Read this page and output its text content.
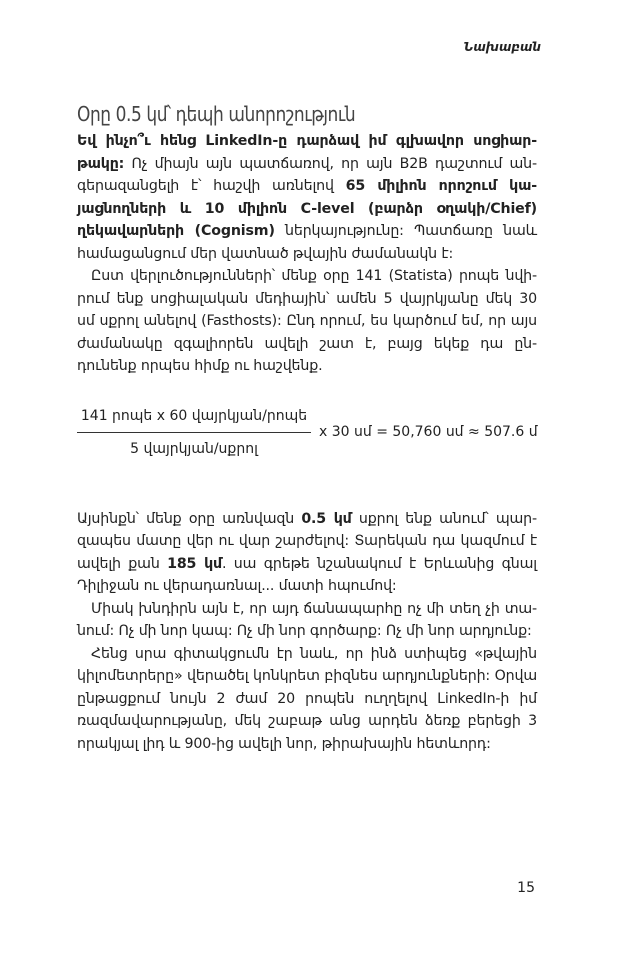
Նախաբան
Օրը 0.5 կմ՝ դեպի անորոշություն

Եվ ինչո՞ւ հենց LinkedIn-ը դարձավ իմ գլխավոր սոցիար-թակը: Ոչ միայն այն պատճառով, որ այն B2B դաշտում ան-գերազանցելի է՝ հաշվի առնելով 65 միլիոն որոշում կա-յացնողների և 10 միլիոն C-level (բարձր օղակի/Chief) ղեկավարների (Cognism) ներկայությունը: Պատճառը նաև համացանցում մեր վատնած թվային ժամանակն է:

Ըստ վերլուծությունների՝ մենք օրը 141 (Statista) րոպե նվի-րում ենք սոցիալական մեդիային՝ ամեն 5 վայրկյանը մեկ 30 սմ սքրոլ անելով (Fasthosts): Ընդ որում, ես կարծում եմ, որ այս ժամանակը զգալիորեն ավելի շատ է, բայց եկեք դա ըն-դունենք որպես հիմք ու հաշվենք.

141 րոպե x 60 վայրկյան/րոպե
5 վայրկյան/սքրոլ
x 30 սմ = 50,760 սմ ≈ 507.6 մ

Այսինքն՝ մենք օրը առնվազն 0.5 կմ սքրոլ ենք անում՝ պար-զապես մատը վեր ու վար շարժելով: Տարեկան դա կազմում է ավելի քան 185 կմ. սա գրեթե նշանակում է Երևանից գնալ Դիլիջան ու վերադառնալ... մատի hպումով:

Միակ խնդիրն այն է, որ այդ ճանապարհը ոչ մի տեղ չի տա-նում: Ոչ մի նոր կապ: Ոչ մի նոր գործարք: Ոչ մի նոր արդյունք:

Հենց սրա գիտակցումն էր նաև, որ ինձ ստիպեց «թվային կիլոմետրերը» վերածել կոնկրետ բիզնես արդյունքների: Օրվա ընթացքում նույն 2 ժամ 20 րոպեն ուղղելով LinkedIn-ի իմ ռազմավարությանը, մեկ շաբաթ անց արդեն ձեռք բերեցի 3 որակյալ լիդ և 900-ից ավելի նոր, թիրախային հետևորդ:

15
